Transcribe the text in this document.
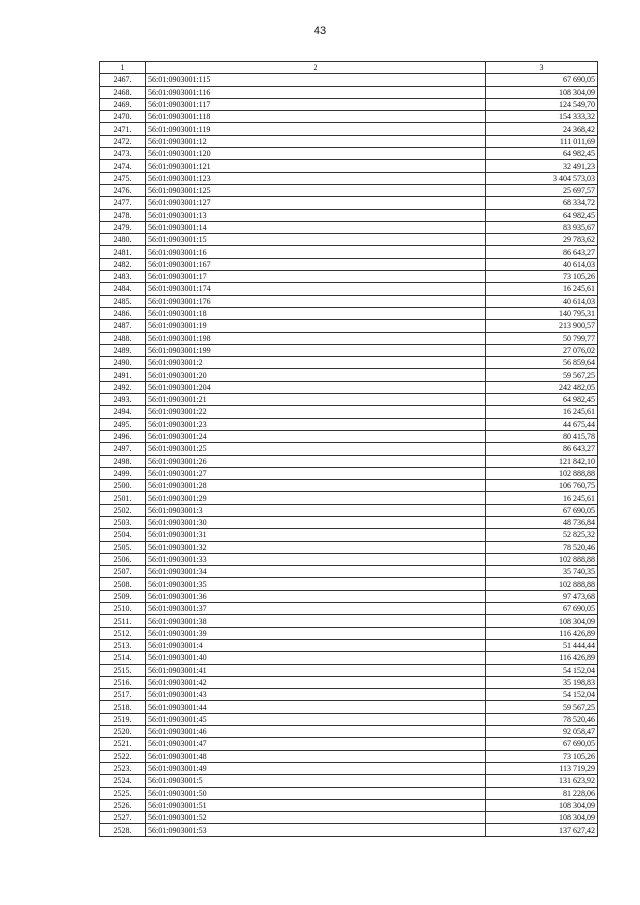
43
1	2	3
2467.	56:01:0903001:115	67 690,05
2468.	56:01:0903001:116	108 304,09
2469.	56:01:0903001:117	124 549,70
2470.	56:01:0903001:118	154 333,32
2471.	56:01:0903001:119	24 368,42
2472.	56:01:0903001:12	111 011,69
2473.	56:01:0903001:120	64 982,45
2474.	56:01:0903001:121	32 491,23
2475.	56:01:0903001:123	3 404 573,03
2476.	56:01:0903001:125	25 697,57
2477.	56:01:0903001:127	68 334,72
2478.	56:01:0903001:13	64 982,45
2479.	56:01:0903001:14	83 935,67
2480.	56:01:0903001:15	29 783,62
2481.	56:01:0903001:16	86 643,27
2482.	56:01:0903001:167	40 614,03
2483.	56:01:0903001:17	73 105,26
2484.	56:01:0903001:174	16 245,61
2485.	56:01:0903001:176	40 614,03
2486.	56:01:0903001:18	140 795,31
2487.	56:01:0903001:19	213 900,57
2488.	56:01:0903001:198	50 799,77
2489.	56:01:0903001:199	27 076,02
2490.	56:01:0903001:2	56 859,64
2491.	56:01:0903001:20	59 567,25
2492.	56:01:0903001:204	242 482,05
2493.	56:01:0903001:21	64 982,45
2494.	56:01:0903001:22	16 245,61
2495.	56:01:0903001:23	44 675,44
2496.	56:01:0903001:24	80 415,78
2497.	56:01:0903001:25	86 643,27
2498.	56:01:0903001:26	121 842,10
2499.	56:01:0903001:27	102 888,88
2500.	56:01:0903001:28	106 760,75
2501.	56:01:0903001:29	16 245,61
2502.	56:01:0903001:3	67 690,05
2503.	56:01:0903001:30	48 736,84
2504.	56:01:0903001:31	52 825,32
2505.	56:01:0903001:32	78 520,46
2506.	56:01:0903001:33	102 888,88
2507.	56:01:0903001:34	35 740,35
2508.	56:01:0903001:35	102 888,88
2509.	56:01:0903001:36	97 473,68
2510.	56:01:0903001:37	67 690,05
2511.	56:01:0903001:38	108 304,09
2512.	56:01:0903001:39	116 426,89
2513.	56:01:0903001:4	51 444,44
2514.	56:01:0903001:40	116 426,89
2515.	56:01:0903001:41	54 152,04
2516.	56:01:0903001:42	35 198,83
2517.	56:01:0903001:43	54 152,04
2518.	56:01:0903001:44	59 567,25
2519.	56:01:0903001:45	78 520,46
2520.	56:01:0903001:46	92 058,47
2521.	56:01:0903001:47	67 690,05
2522.	56:01:0903001:48	73 105,26
2523.	56:01:0903001:49	113 719,29
2524.	56:01:0903001:5	131 623,92
2525.	56:01:0903001:50	81 228,06
2526.	56:01:0903001:51	108 304,09
2527.	56:01:0903001:52	108 304,09
2528.	56:01:0903001:53	137 627,42
